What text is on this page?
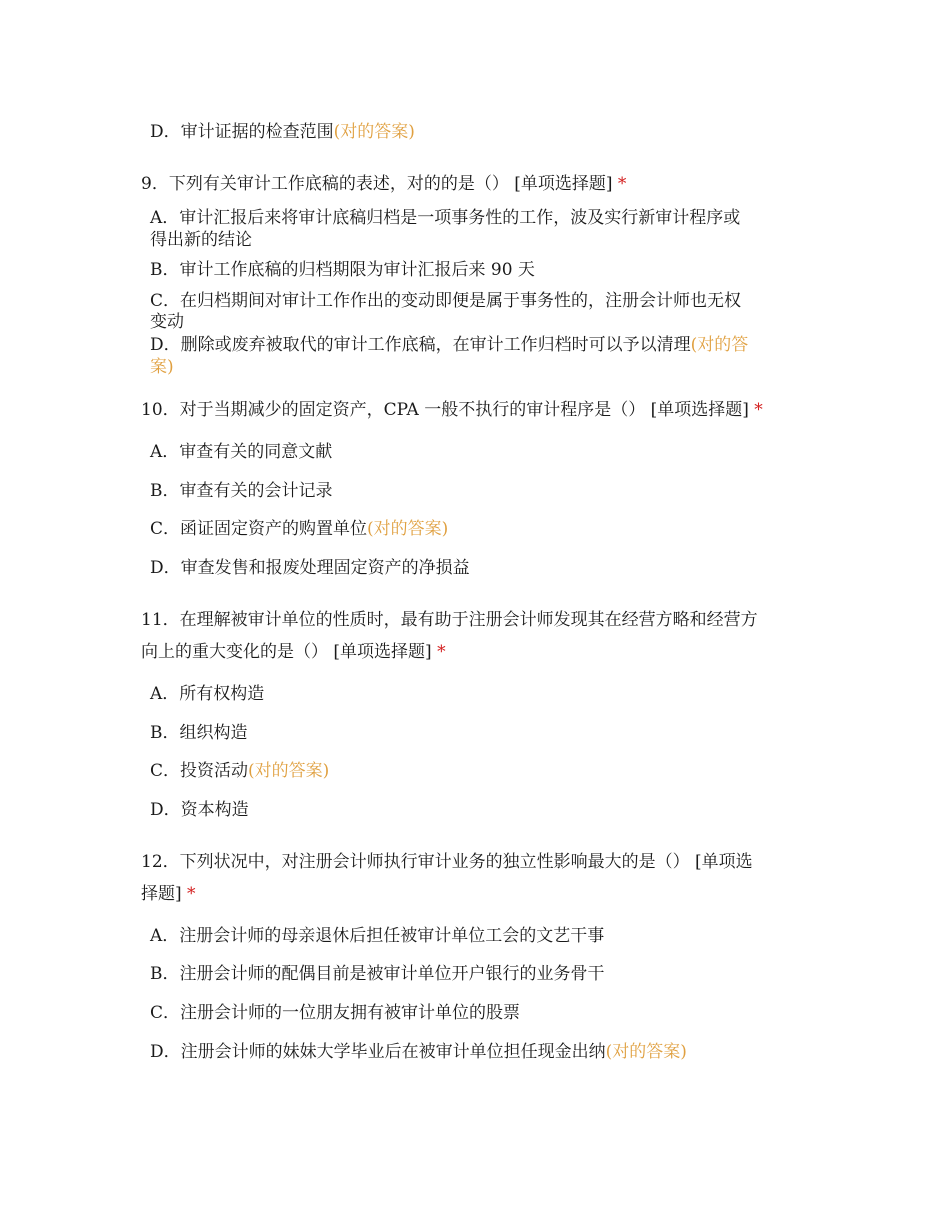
D．审计证据的检查范围(对的答案)
9．下列有关审计工作底稿的表述，对的的是（） [单项选择题] *
A．审计汇报后来将审计底稿归档是一项事务性的工作，波及实行新审计程序或
得出新的结论
B．审计工作底稿的归档期限为审计汇报后来 90 天
C．在归档期间对审计工作作出的变动即便是属于事务性的，注册会计师也无权
变动
D．删除或废弃被取代的审计工作底稿，在审计工作归档时可以予以清理(对的答
案)
10．对于当期减少的固定资产，CPA 一般不执行的审计程序是（） [单项选择题] *
A．审查有关的同意文献
B．审查有关的会计记录
C．函证固定资产的购置单位(对的答案)
D．审查发售和报废处理固定资产的净损益
11．在理解被审计单位的性质时，最有助于注册会计师发现其在经营方略和经营方
向上的重大变化的是（） [单项选择题] *
A．所有权构造
B．组织构造
C．投资活动(对的答案)
D．资本构造
12．下列状况中，对注册会计师执行审计业务的独立性影响最大的是（） [单项选
择题] *
A．注册会计师的母亲退休后担任被审计单位工会的文艺干事
B．注册会计师的配偶目前是被审计单位开户银行的业务骨干
C．注册会计师的一位朋友拥有被审计单位的股票
D．注册会计师的妹妹大学毕业后在被审计单位担任现金出纳(对的答案)
